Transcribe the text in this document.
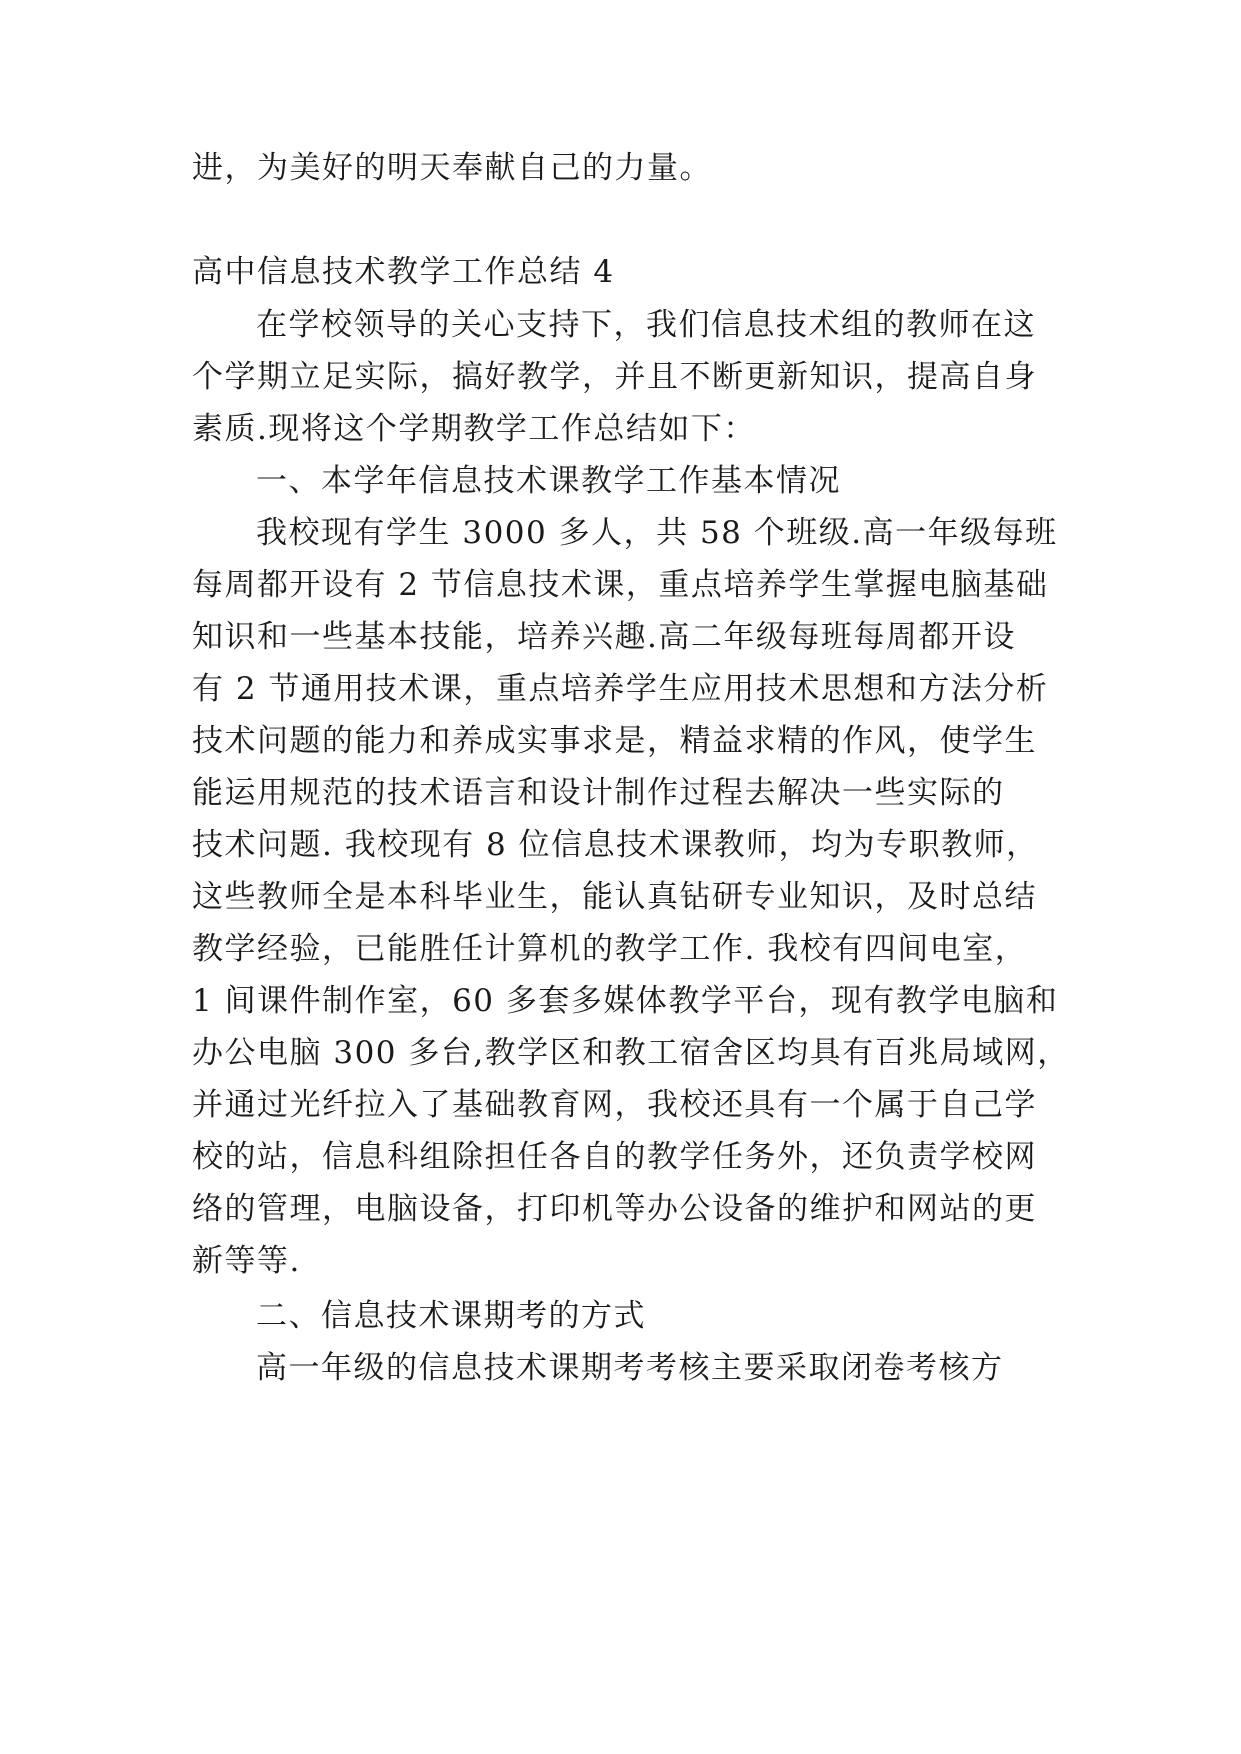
进，为美好的明天奉献自己的力量。
高中信息技术教学工作总结 4
在学校领导的关心支持下，我们信息技术组的教师在这
个学期立足实际，搞好教学，并且不断更新知识，提高自身
素质.现将这个学期教学工作总结如下：
一、本学年信息技术课教学工作基本情况
我校现有学生 3000 多人，共 58 个班级.高一年级每班
每周都开设有 2 节信息技术课，重点培养学生掌握电脑基础
知识和一些基本技能，培养兴趣.高二年级每班每周都开设
有 2 节通用技术课，重点培养学生应用技术思想和方法分析
技术问题的能力和养成实事求是，精益求精的作风，使学生
能运用规范的技术语言和设计制作过程去解决一些实际的
技术问题. 我校现有 8 位信息技术课教师，均为专职教师，
这些教师全是本科毕业生，能认真钻研专业知识，及时总结
教学经验，已能胜任计算机的教学工作. 我校有四间电室，
1 间课件制作室，60 多套多媒体教学平台，现有教学电脑和
办公电脑 300 多台,教学区和教工宿舍区均具有百兆局域网，
并通过光纤拉入了基础教育网，我校还具有一个属于自己学
校的站，信息科组除担任各自的教学任务外，还负责学校网
络的管理，电脑设备，打印机等办公设备的维护和网站的更
新等等.
二、信息技术课期考的方式
高一年级的信息技术课期考考核主要采取闭卷考核方
